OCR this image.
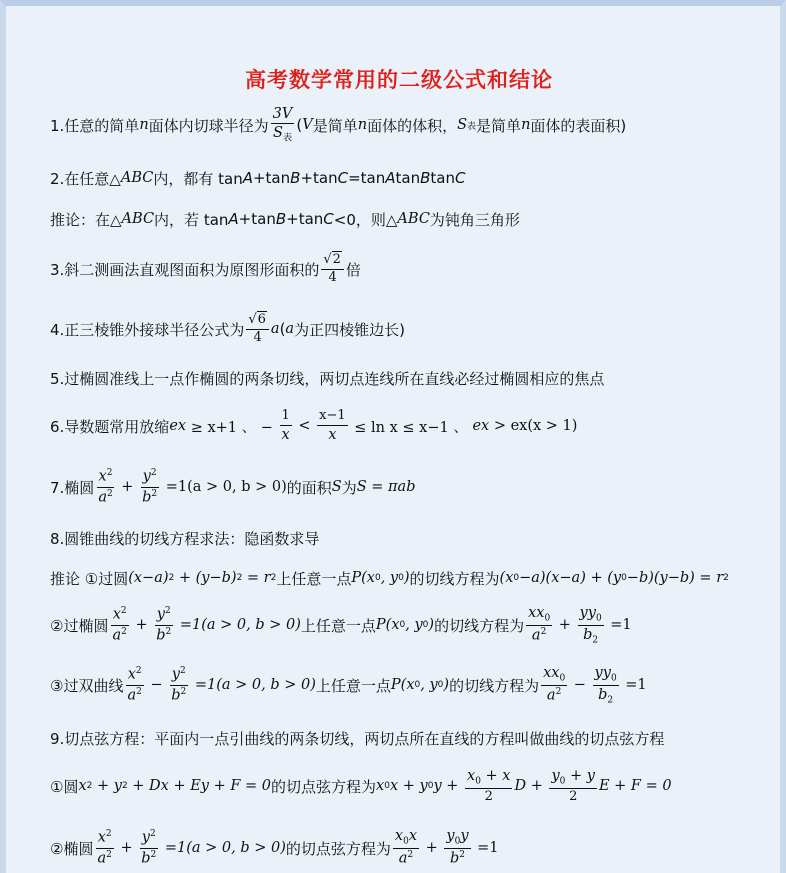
高考数学常用的二级公式和结论
1.任意的简单 n 面体内切球半径为 $\frac{3V}{S_表}$ ( V 是简单 n 面体的体积， S 表 是简单 n 面体的表面积)
2.在任意△ ABC 内，都有 tan A +tan B +tan C =tan A tan B tan C
推论：在△ ABC 内，若 tan A +tan B +tan C <0，则△ ABC 为钝角三角形
3.斜二测画法直观图面积为原图形面积的 $\frac{√2}{4}$ 倍
4.正三棱锥外接球半径公式为 $\frac{√6}{4}$ a ( a 为正四棱锥边长)
5.过椭圆准线上一点作椭圆的两条切线，两切点连线所在直线必经过椭圆相应的焦点
6.导数题常用放缩 e x ≥ x+1 、 − $\frac{1}{x} < \frac{x-1}{x} \le \ln x \le x-1$ 、 e x > ex(x > 1)
7.椭圆 $\frac{x^2}{a^2} + \frac{y^2}{b^2} =1(a > 0$, b > 0) 的面积 S 为 S = πab
8.圆锥曲线的切线方程求法：隐函数求导
推论 ①过圆 (x−a) 2 + (y−b) 2 = r 2 上任意一点 P(x 0 , y 0 ) 的切线方程为 (x 0 −a)(x−a) + (y 0 −b)(y−b) = r 2
②过椭圆 $\frac{x^2}{a^2} + \frac{y^2}{b^2} =1(a > 0$, b > 0) 上任意一点 P(x 0 , y 0 ) 的切线方程为 $\frac{xx_0}{a^2} + \frac{yy_0}{b_2} =1$
③过双曲线 $\frac{x^2}{a^2} - \frac{y^2}{b^2} =1(a > 0$, b > 0) 上任意一点 P(x 0 , y 0 ) 的切线方程为 $\frac{xx_0}{a^2} - \frac{yy_0}{b_2} =1$
9.切点弦方程：平面内一点引曲线的两条切线，两切点所在直线的方程叫做曲线的切点弦方程
①圆 x 2 + y 2 + Dx + Ey + F = 0 的切点弦方程为 x 0 x + y 0 $y + \frac{x_0 + x}{2}$ $D + \frac{y_0 + y}{2}$ E + F = 0
②椭圆 $\frac{x^2}{a^2} + \frac{y^2}{b^2} =1(a > 0$, b > 0) 的切点弦方程为 $\frac{x_0x}{a^2} + \frac{y_0y}{b^2} =1$
